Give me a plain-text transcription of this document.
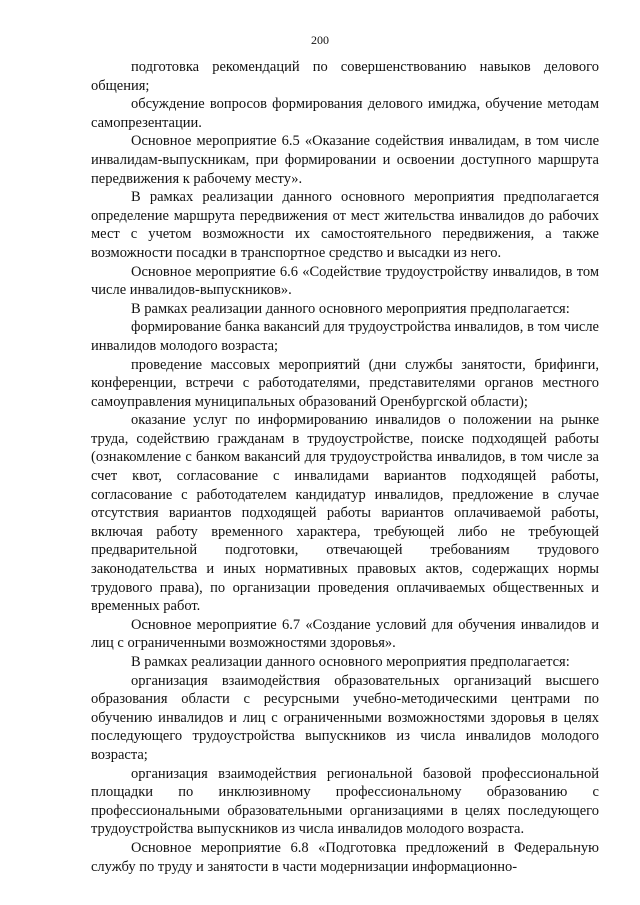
200

подготовка рекомендаций по совершенствованию навыков делового общения;

обсуждение вопросов формирования делового имиджа, обучение методам самопрезентации.

Основное мероприятие 6.5 «Оказание содействия инвалидам, в том числе инвалидам-выпускникам, при формировании и освоении доступного маршрута передвижения к рабочему месту».

В рамках реализации данного основного мероприятия предполагается определение маршрута передвижения от мест жительства инвалидов до рабочих мест с учетом возможности их самостоятельного передвижения, а также возможности посадки в транспортное средство и высадки из него.

Основное мероприятие 6.6 «Содействие трудоустройству инвалидов, в том числе инвалидов-выпускников».

В рамках реализации данного основного мероприятия предполагается:

формирование банка вакансий для трудоустройства инвалидов, в том числе инвалидов молодого возраста;

проведение массовых мероприятий (дни службы занятости, брифинги, конференции, встречи с работодателями, представителями органов местного самоуправления муниципальных образований Оренбургской области);

оказание услуг по информированию инвалидов о положении на рынке труда, содействию гражданам в трудоустройстве, поиске подходящей работы (ознакомление с банком вакансий для трудоустройства инвалидов, в том числе за счет квот, согласование с инвалидами вариантов подходящей работы, согласование с работодателем кандидатур инвалидов, предложение в случае отсутствия вариантов подходящей работы вариантов оплачиваемой работы, включая работу временного характера, требующей либо не требующей предварительной подготовки, отвечающей требованиям трудового законодательства и иных нормативных правовых актов, содержащих нормы трудового права), по организации проведения оплачиваемых общественных и временных работ.

Основное мероприятие 6.7 «Создание условий для обучения инвалидов и лиц с ограниченными возможностями здоровья».

В рамках реализации данного основного мероприятия предполагается:

организация взаимодействия образовательных организаций высшего образования области с ресурсными учебно-методическими центрами по обучению инвалидов и лиц с ограниченными возможностями здоровья в целях последующего трудоустройства выпускников из числа инвалидов молодого возраста;

организация взаимодействия региональной базовой профессиональной площадки по инклюзивному профессиональному образованию с профессиональными образовательными организациями в целях последующего трудоустройства выпускников из числа инвалидов молодого возраста.

Основное мероприятие 6.8 «Подготовка предложений в Федеральную службу по труду и занятости в части модернизации информационно-
